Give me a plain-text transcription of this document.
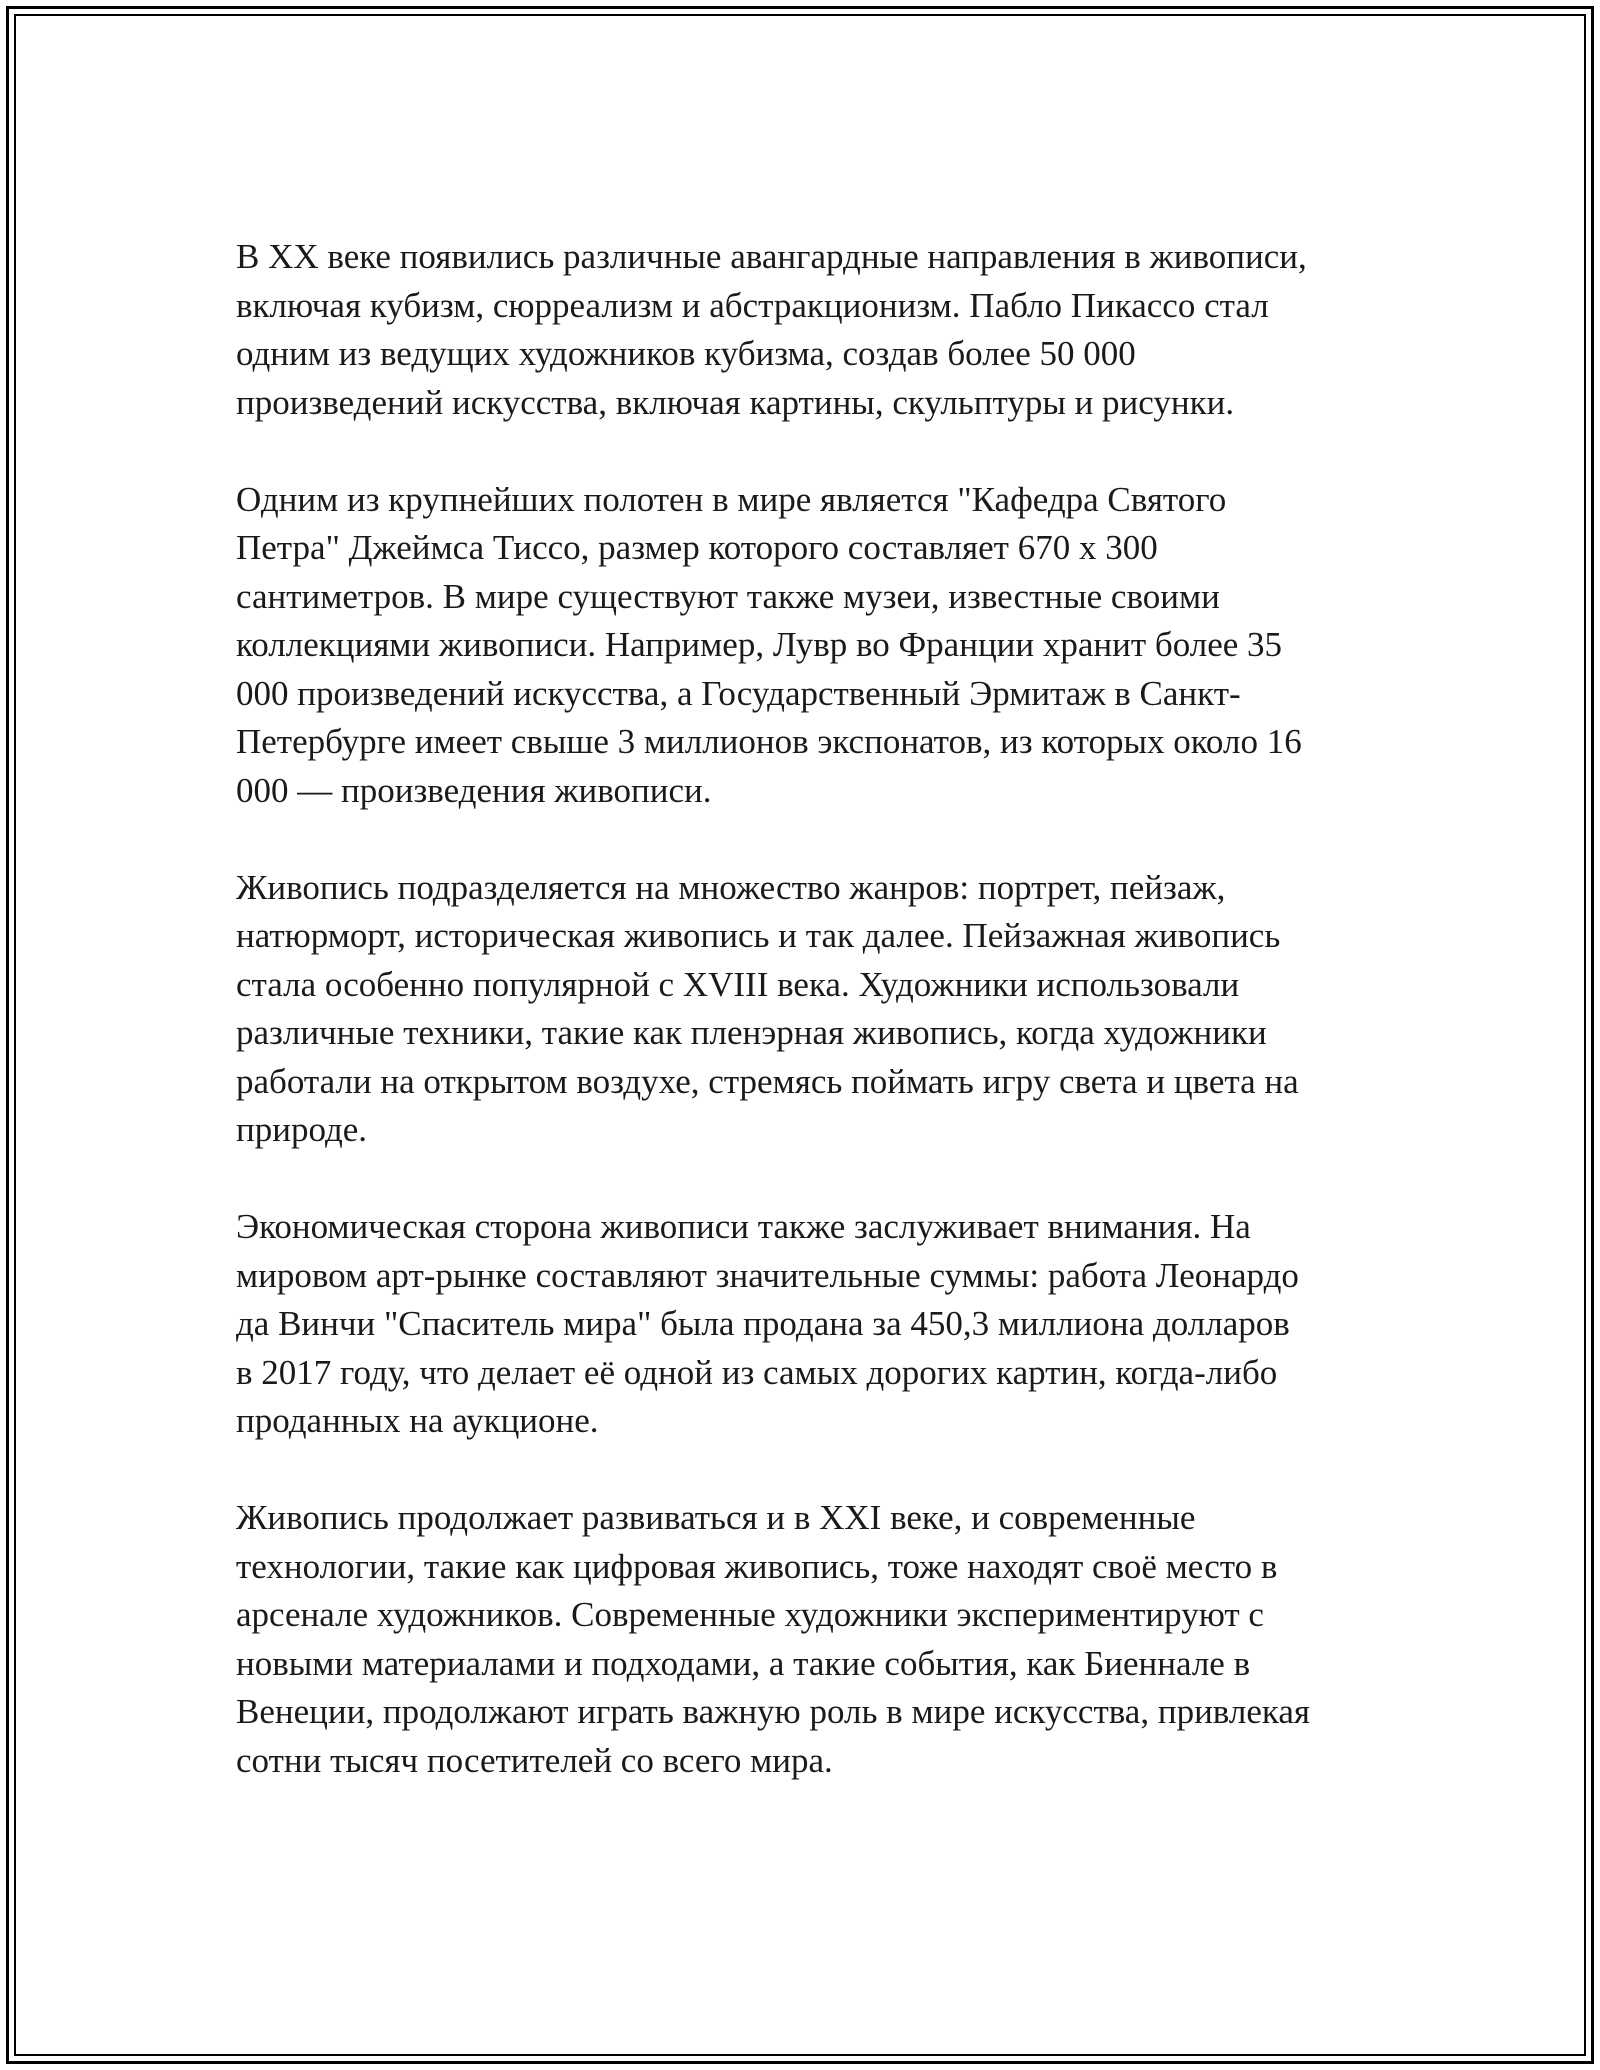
В XX веке появились различные авангардные направления в живописи,
включая кубизм, сюрреализм и абстракционизм. Пабло Пикассо стал
одним из ведущих художников кубизма, создав более 50 000
произведений искусства, включая картины, скульптуры и рисунки.

Одним из крупнейших полотен в мире является "Кафедра Святого
Петра" Джеймса Тиссо, размер которого составляет 670 x 300
сантиметров. В мире существуют также музеи, известные своими
коллекциями живописи. Например, Лувр во Франции хранит более 35
000 произведений искусства, а Государственный Эрмитаж в Санкт-
Петербурге имеет свыше 3 миллионов экспонатов, из которых около 16
000 — произведения живописи.

Живопись подразделяется на множество жанров: портрет, пейзаж,
натюрморт, историческая живопись и так далее. Пейзажная живопись
стала особенно популярной с XVIII века. Художники использовали
различные техники, такие как пленэрная живопись, когда художники
работали на открытом воздухе, стремясь поймать игру света и цвета на
природе.

Экономическая сторона живописи также заслуживает внимания. На
мировом арт-рынке составляют значительные суммы: работа Леонардо
да Винчи "Спаситель мира" была продана за 450,3 миллиона долларов
в 2017 году, что делает её одной из самых дорогих картин, когда-либо
проданных на аукционе.

Живопись продолжает развиваться и в XXI веке, и современные
технологии, такие как цифровая живопись, тоже находят своё место в
арсенале художников. Современные художники экспериментируют с
новыми материалами и подходами, а такие события, как Биеннале в
Венеции, продолжают играть важную роль в мире искусства, привлекая
сотни тысяч посетителей со всего мира.
